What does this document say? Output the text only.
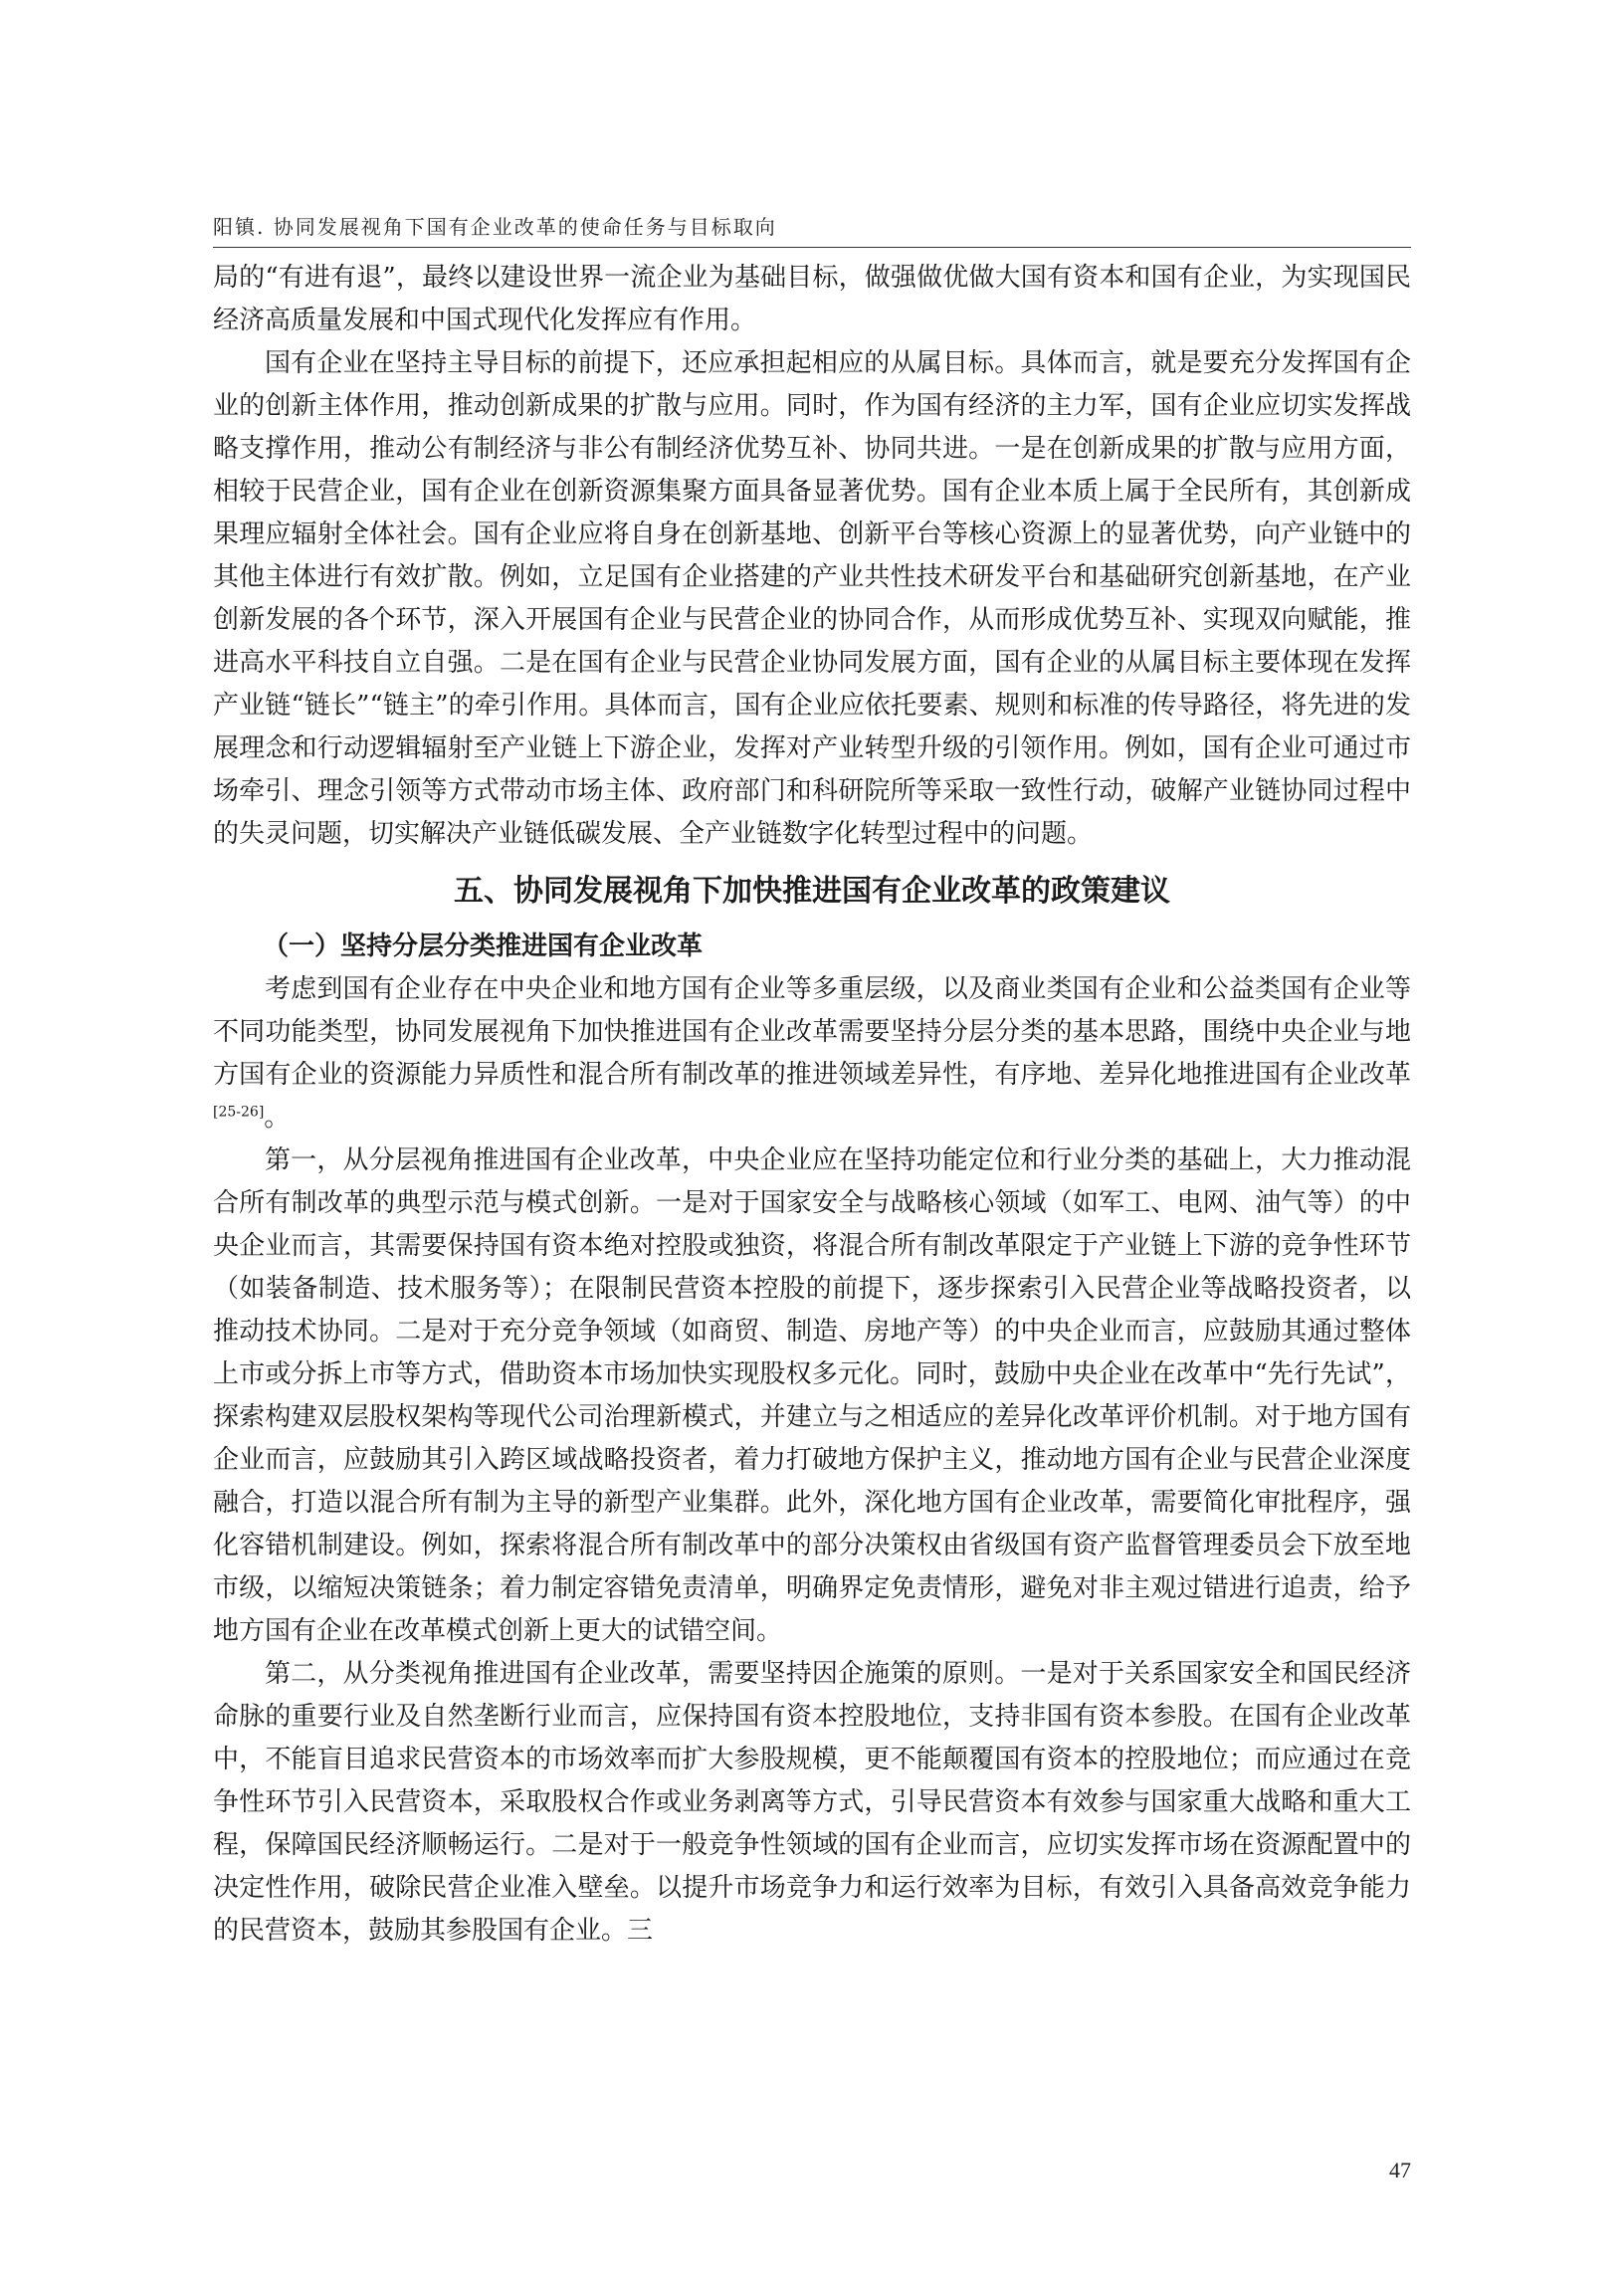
阳镇. 协同发展视角下国有企业改革的使命任务与目标取向

局的“有进有退”，最终以建设世界一流企业为基础目标，做强做优做大国有资本和国有企业，为实现国民经济高质量发展和中国式现代化发挥应有作用。

国有企业在坚持主导目标的前提下，还应承担起相应的从属目标。具体而言，就是要充分发挥国有企业的创新主体作用，推动创新成果的扩散与应用。同时，作为国有经济的主力军，国有企业应切实发挥战略支撑作用，推动公有制经济与非公有制经济优势互补、协同共进。一是在创新成果的扩散与应用方面，相较于民营企业，国有企业在创新资源集聚方面具备显著优势。国有企业本质上属于全民所有，其创新成果理应辐射全体社会。国有企业应将自身在创新基地、创新平台等核心资源上的显著优势，向产业链中的其他主体进行有效扩散。例如，立足国有企业搭建的产业共性技术研发平台和基础研究创新基地，在产业创新发展的各个环节，深入开展国有企业与民营企业的协同合作，从而形成优势互补、实现双向赋能，推进高水平科技自立自强。二是在国有企业与民营企业协同发展方面，国有企业的从属目标主要体现在发挥产业链“链长”“链主”的牵引作用。具体而言，国有企业应依托要素、规则和标准的传导路径，将先进的发展理念和行动逻辑辐射至产业链上下游企业，发挥对产业转型升级的引领作用。例如，国有企业可通过市场牵引、理念引领等方式带动市场主体、政府部门和科研院所等采取一致性行动，破解产业链协同过程中的失灵问题，切实解决产业链低碳发展、全产业链数字化转型过程中的问题。

五、协同发展视角下加快推进国有企业改革的政策建议

（一）坚持分层分类推进国有企业改革

考虑到国有企业存在中央企业和地方国有企业等多重层级，以及商业类国有企业和公益类国有企业等不同功能类型，协同发展视角下加快推进国有企业改革需要坚持分层分类的基本思路，围绕中央企业与地方国有企业的资源能力异质性和混合所有制改革的推进领域差异性，有序地、差异化地推进国有企业改革[25-26]。

第一，从分层视角推进国有企业改革，中央企业应在坚持功能定位和行业分类的基础上，大力推动混合所有制改革的典型示范与模式创新。一是对于国家安全与战略核心领域（如军工、电网、油气等）的中央企业而言，其需要保持国有资本绝对控股或独资，将混合所有制改革限定于产业链上下游的竞争性环节（如装备制造、技术服务等）；在限制民营资本控股的前提下，逐步探索引入民营企业等战略投资者，以推动技术协同。二是对于充分竞争领域（如商贸、制造、房地产等）的中央企业而言，应鼓励其通过整体上市或分拆上市等方式，借助资本市场加快实现股权多元化。同时，鼓励中央企业在改革中“先行先试”，探索构建双层股权架构等现代公司治理新模式，并建立与之相适应的差异化改革评价机制。对于地方国有企业而言，应鼓励其引入跨区域战略投资者，着力打破地方保护主义，推动地方国有企业与民营企业深度融合，打造以混合所有制为主导的新型产业集群。此外，深化地方国有企业改革，需要简化审批程序，强化容错机制建设。例如，探索将混合所有制改革中的部分决策权由省级国有资产监督管理委员会下放至地市级，以缩短决策链条；着力制定容错免责清单，明确界定免责情形，避免对非主观过错进行追责，给予地方国有企业在改革模式创新上更大的试错空间。

第二，从分类视角推进国有企业改革，需要坚持因企施策的原则。一是对于关系国家安全和国民经济命脉的重要行业及自然垄断行业而言，应保持国有资本控股地位，支持非国有资本参股。在国有企业改革中，不能盲目追求民营资本的市场效率而扩大参股规模，更不能颠覆国有资本的控股地位；而应通过在竞争性环节引入民营资本，采取股权合作或业务剥离等方式，引导民营资本有效参与国家重大战略和重大工程，保障国民经济顺畅运行。二是对于一般竞争性领域的国有企业而言，应切实发挥市场在资源配置中的决定性作用，破除民营企业准入壁垒。以提升市场竞争力和运行效率为目标，有效引入具备高效竞争能力的民营资本，鼓励其参股国有企业。三

47
